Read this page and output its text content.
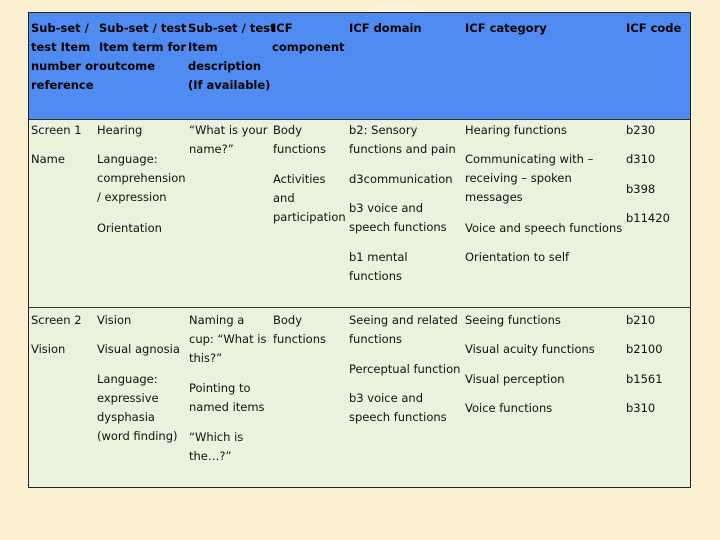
Sub-set /
test Item
number or
reference
Sub-set / test
Item term for
outcome
Sub-set / test
Item
description
(If available)
ICF
component
ICF domain	ICF category	ICF code
Screen 1
Name
Hearing
Language:
comprehension
/ expression
Orientation
“What is your
name?”
Body
functions
Activities
and
participation
b2: Sensory
functions and pain
d3communication
b3 voice and
speech functions
b1 mental
functions
Hearing functions
Communicating with –
receiving – spoken
messages
Voice and speech functions
Orientation to self
b230
d310
b398
b11420
Screen 2
Vision
Vision
Visual agnosia
Language:
expressive
dysphasia
(word finding)
Naming a
cup: “What is
this?”
Pointing to
named items
“Which is
the…?”
Body
functions
Seeing and related
functions
Perceptual function
b3 voice and
speech functions
Seeing functions
Visual acuity functions
Visual perception
Voice functions
b210
b2100
b1561
b310
